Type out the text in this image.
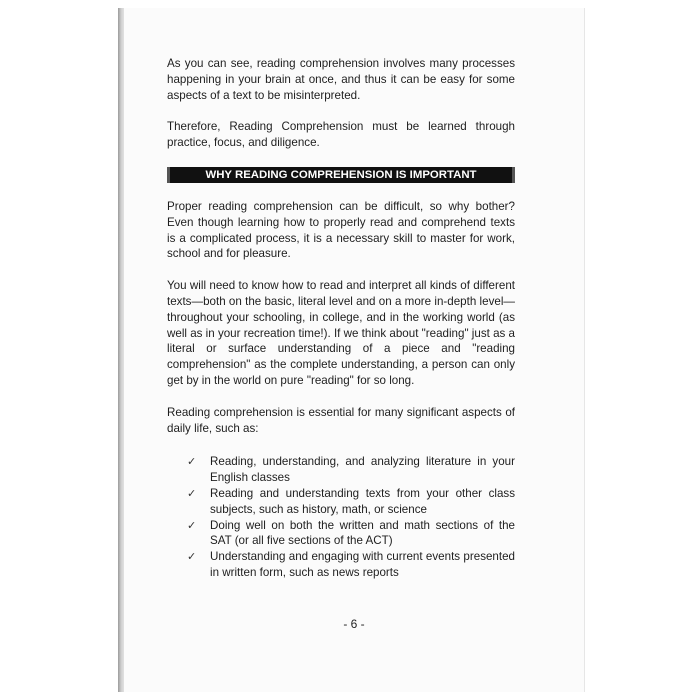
As you can see, reading comprehension involves many processes happening in your brain at once, and thus it can be easy for some aspects of a text to be misinterpreted.

Therefore, Reading Comprehension must be learned through practice, focus, and diligence.

WHY READING COMPREHENSION IS IMPORTANT

Proper reading comprehension can be difficult, so why bother? Even though learning how to properly read and comprehend texts is a complicated process, it is a necessary skill to master for work, school and for pleasure.

You will need to know how to read and interpret all kinds of different texts—both on the basic, literal level and on a more in-depth level—throughout your schooling, in college, and in the working world (as well as in your recreation time!). If we think about "reading" just as a literal or surface understanding of a piece and "reading comprehension" as the complete understanding, a person can only get by in the world on pure "reading" for so long.

Reading comprehension is essential for many significant aspects of daily life, such as:

✓ Reading, understanding, and analyzing literature in your English classes
✓ Reading and understanding texts from your other class subjects, such as history, math, or science
✓ Doing well on both the written and math sections of the SAT (or all five sections of the ACT)
✓ Understanding and engaging with current events presented in written form, such as news reports
- 6 -
